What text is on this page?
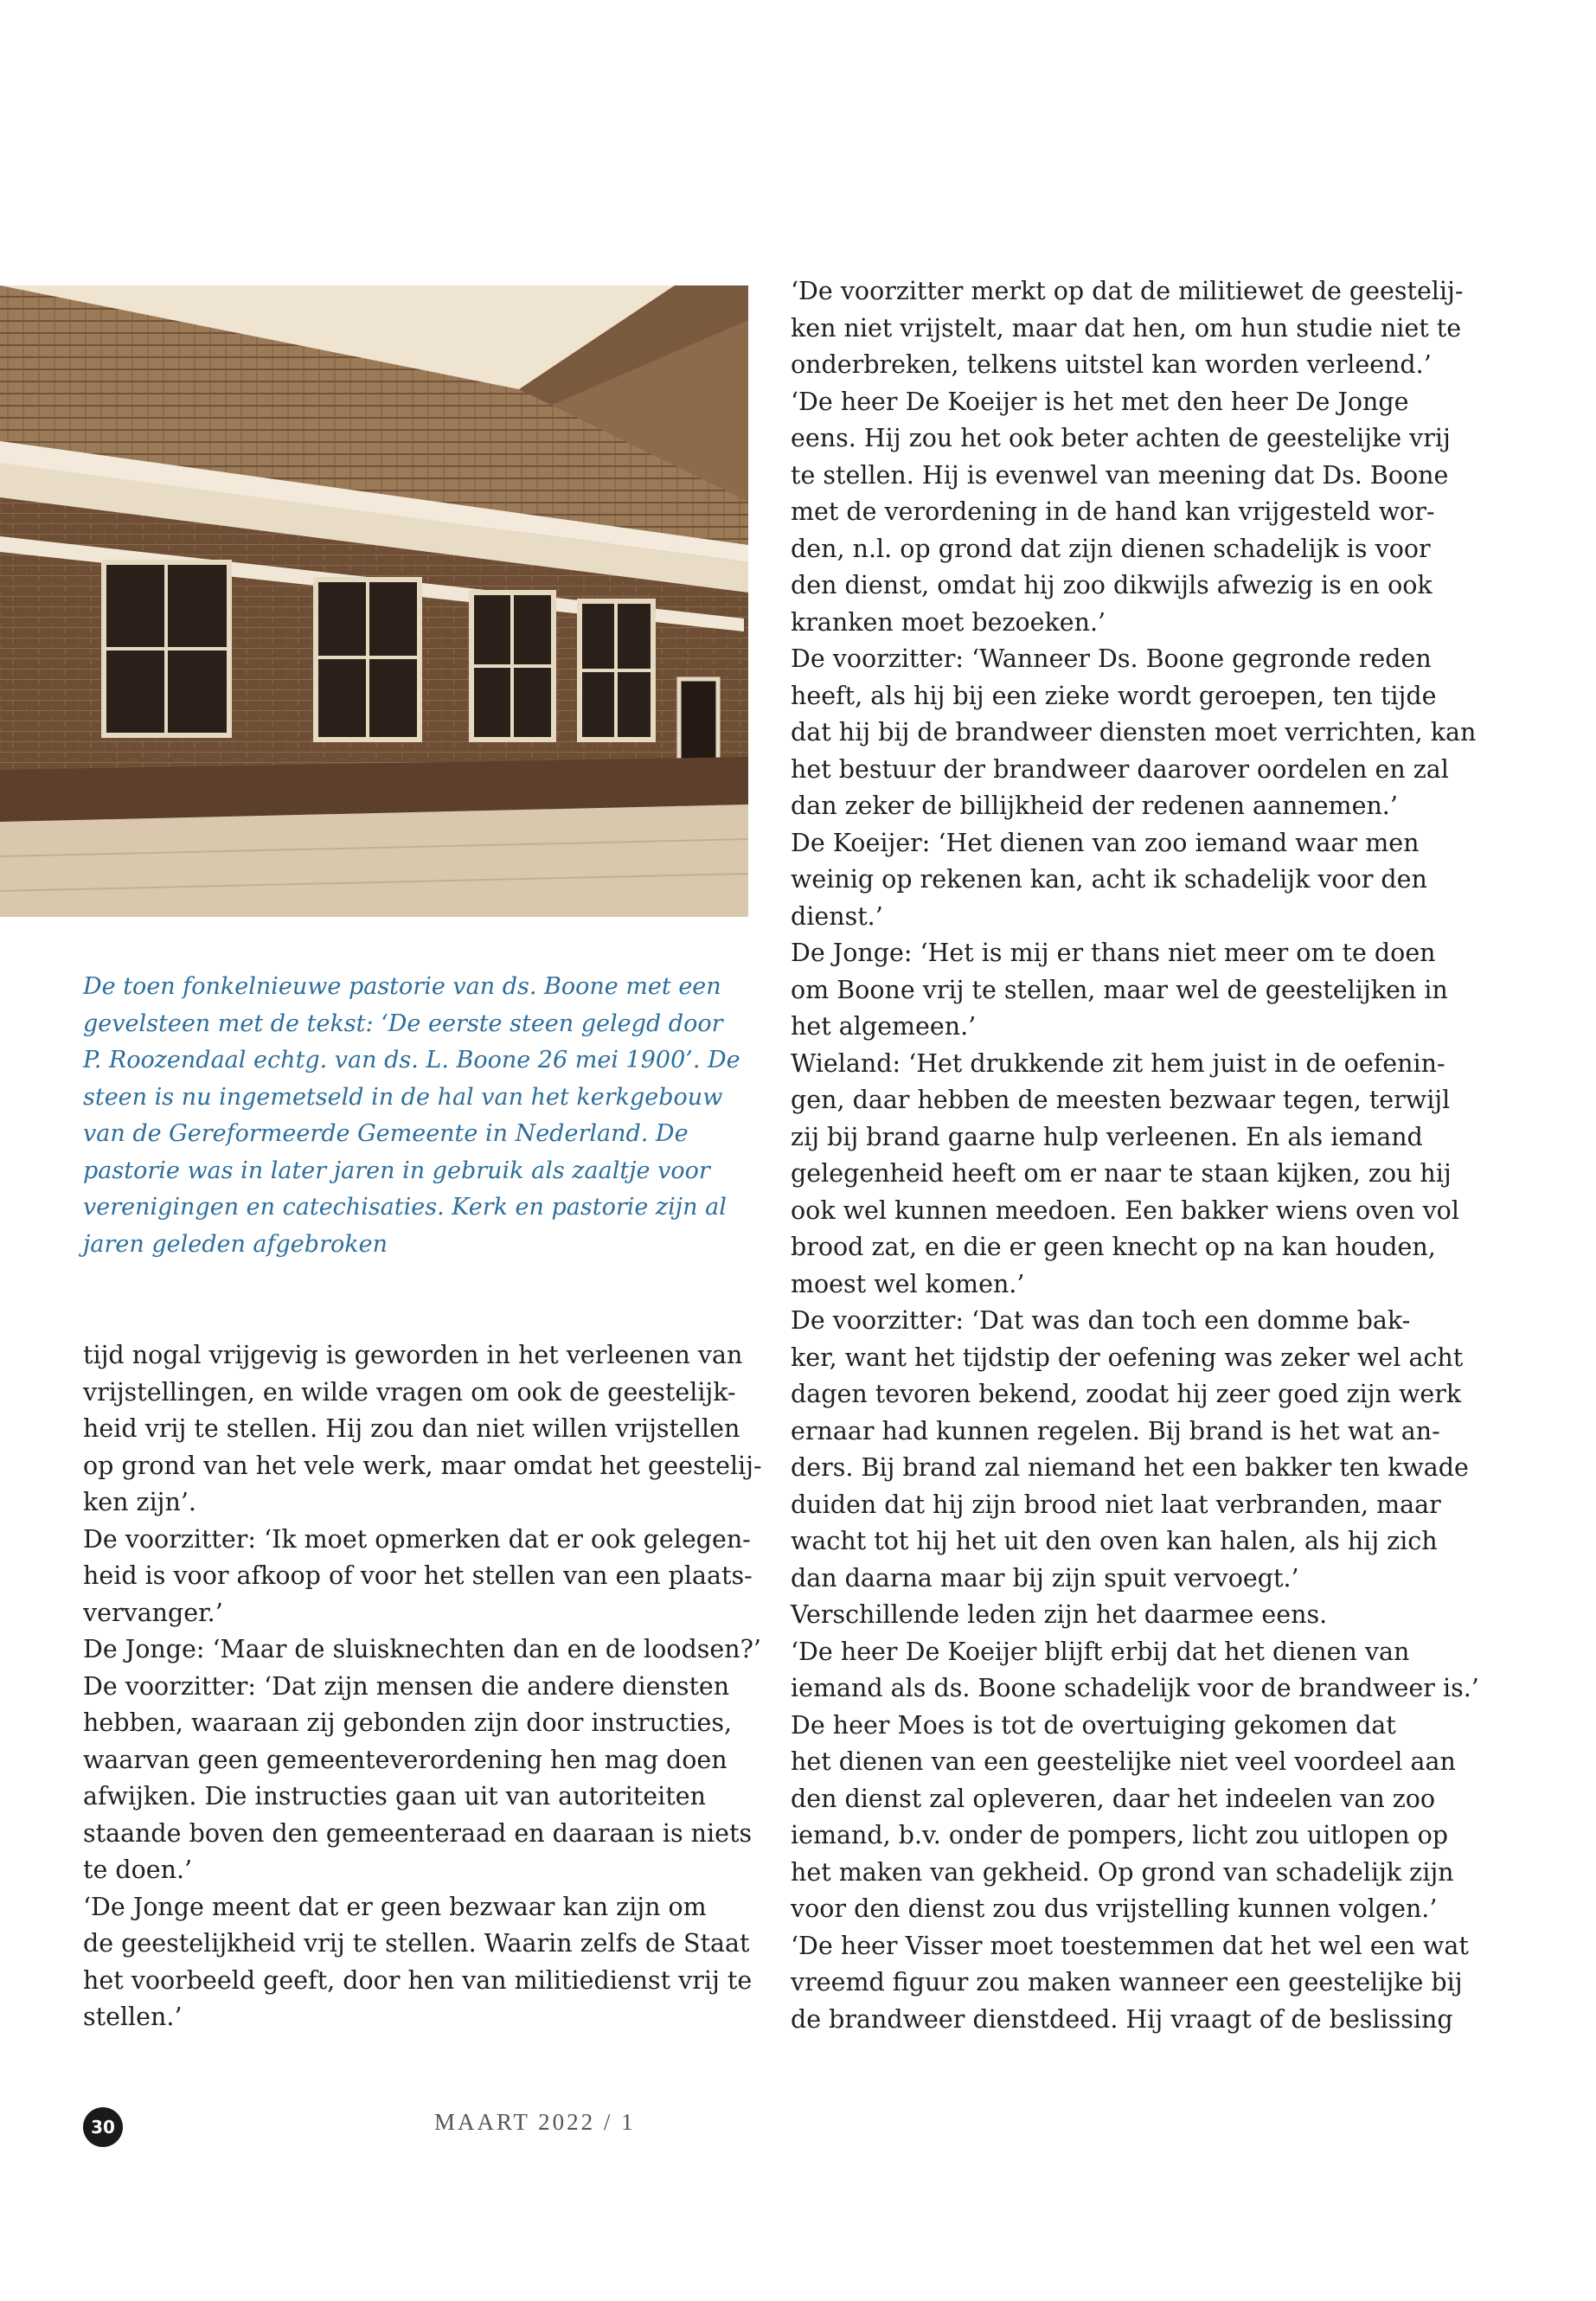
De toen fonkelnieuwe pastorie van ds. Boone met een gevelsteen met de tekst: ‘De eerste steen gelegd door P. Roozendaal echtg. van ds. L. Boone 26 mei 1900’. De steen is nu ingemetseld in de hal van het kerkgebouw van de Gereformeerde Gemeente in Nederland. De pastorie was in later jaren in gebruik als zaaltje voor verenigingen en catechisaties. Kerk en pastorie zijn al jaren geleden afgebroken

tijd nogal vrijgevig is geworden in het verleenen van

vrijstellingen, en wilde vragen om ook de geestelijk-

heid vrij te stellen. Hij zou dan niet willen vrijstellen

op grond van het vele werk, maar omdat het geestelij-

ken zijn’.

De voorzitter: ‘Ik moet opmerken dat er ook gelegen-

heid is voor afkoop of voor het stellen van een plaats-

vervanger.’

De Jonge: ‘Maar de sluisknechten dan en de loodsen?’

De voorzitter: ‘Dat zijn mensen die andere diensten

hebben, waaraan zij gebonden zijn door instructies,

waarvan geen gemeenteverordening hen mag doen

afwijken. Die instructies gaan uit van autoriteiten

staande boven den gemeenteraad en daaraan is niets

te doen.’

‘De Jonge meent dat er geen bezwaar kan zijn om

de geestelijkheid vrij te stellen. Waarin zelfs de Staat

het voorbeeld geeft, door hen van militiedienst vrij te

stellen.’

‘De voorzitter merkt op dat de militiewet de geestelij-

ken niet vrijstelt, maar dat hen, om hun studie niet te

onderbreken, telkens uitstel kan worden verleend.’

‘De heer De Koeijer is het met den heer De Jonge

eens. Hij zou het ook beter achten de geestelijke vrij

te stellen. Hij is evenwel van meening dat Ds. Boone

met de verordening in de hand kan vrijgesteld wor-

den, n.l. op grond dat zijn dienen schadelijk is voor

den dienst, omdat hij zoo dikwijls afwezig is en ook

kranken moet bezoeken.’

De voorzitter: ‘Wanneer Ds. Boone gegronde reden

heeft, als hij bij een zieke wordt geroepen, ten tijde

dat hij bij de brandweer diensten moet verrichten, kan

het bestuur der brandweer daarover oordelen en zal

dan zeker de billijkheid der redenen aannemen.’

De Koeijer: ‘Het dienen van zoo iemand waar men

weinig op rekenen kan, acht ik schadelijk voor den

dienst.’

De Jonge: ‘Het is mij er thans niet meer om te doen

om Boone vrij te stellen, maar wel de geestelijken in

het algemeen.’

Wieland: ‘Het drukkende zit hem juist in de oefenin-

gen, daar hebben de meesten bezwaar tegen, terwijl

zij bij brand gaarne hulp verleenen. En als iemand

gelegenheid heeft om er naar te staan kijken, zou hij

ook wel kunnen meedoen. Een bakker wiens oven vol

brood zat, en die er geen knecht op na kan houden,

moest wel komen.’

De voorzitter: ‘Dat was dan toch een domme bak-

ker, want het tijdstip der oefening was zeker wel acht

dagen tevoren bekend, zoodat hij zeer goed zijn werk

ernaar had kunnen regelen. Bij brand is het wat an-

ders. Bij brand zal niemand het een bakker ten kwade

duiden dat hij zijn brood niet laat verbranden, maar

wacht tot hij het uit den oven kan halen, als hij zich

dan daarna maar bij zijn spuit vervoegt.’

Verschillende leden zijn het daarmee eens.

‘De heer De Koeijer blijft erbij dat het dienen van

iemand als ds. Boone schadelijk voor de brandweer is.’

De heer Moes is tot de overtuiging gekomen dat

het dienen van een geestelijke niet veel voordeel aan

den dienst zal opleveren, daar het indeelen van zoo

iemand, b.v. onder de pompers, licht zou uitlopen op

het maken van gekheid. Op grond van schadelijk zijn

voor den dienst zou dus vrijstelling kunnen volgen.’

‘De heer Visser moet toestemmen dat het wel een wat

vreemd figuur zou maken wanneer een geestelijke bij

de brandweer dienstdeed. Hij vraagt of de beslissing

30	MAART 2022 / 1
